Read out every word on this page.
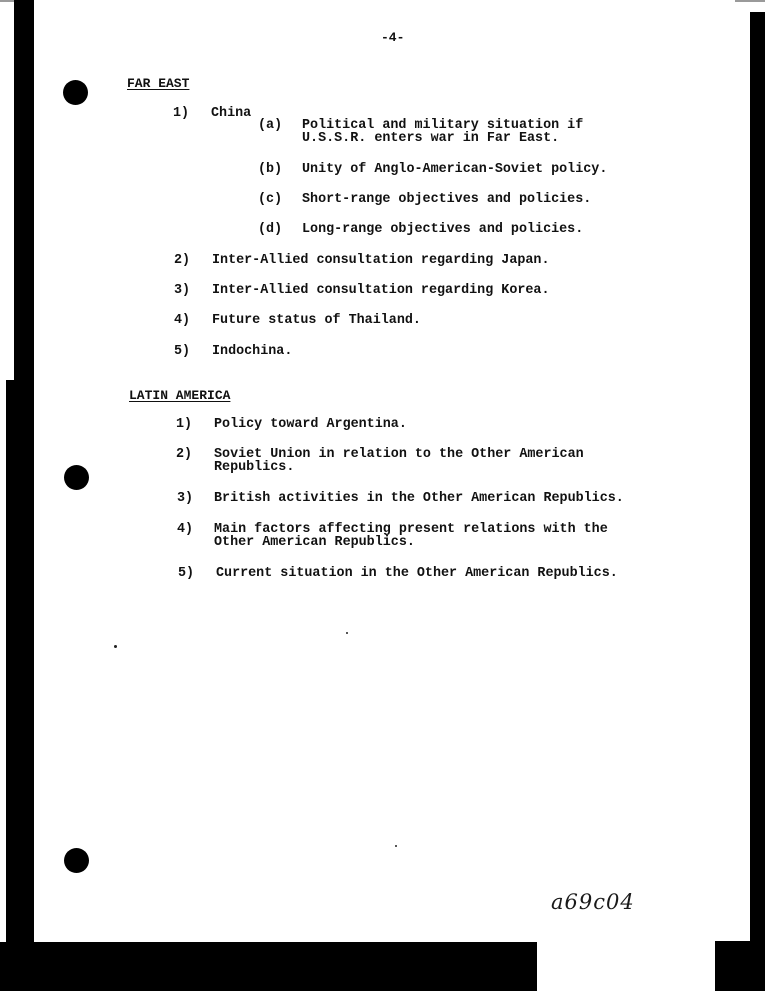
-4-
FAR EAST
1) China
(a) Political and military situation if
U.S.S.R. enters war in Far East.
(b) Unity of Anglo-American-Soviet policy.
(c) Short-range objectives and policies.
(d) Long-range objectives and policies.
2) Inter-Allied consultation regarding Japan.
3) Inter-Allied consultation regarding Korea.
4) Future status of Thailand.
5) Indochina.
LATIN AMERICA
1) Policy toward Argentina.
2) Soviet Union in relation to the Other American
Republics.
3) British activities in the Other American Republics.
4) Main factors affecting present relations with the
Other American Republics.
5) Current situation in the Other American Republics.
a69c04
